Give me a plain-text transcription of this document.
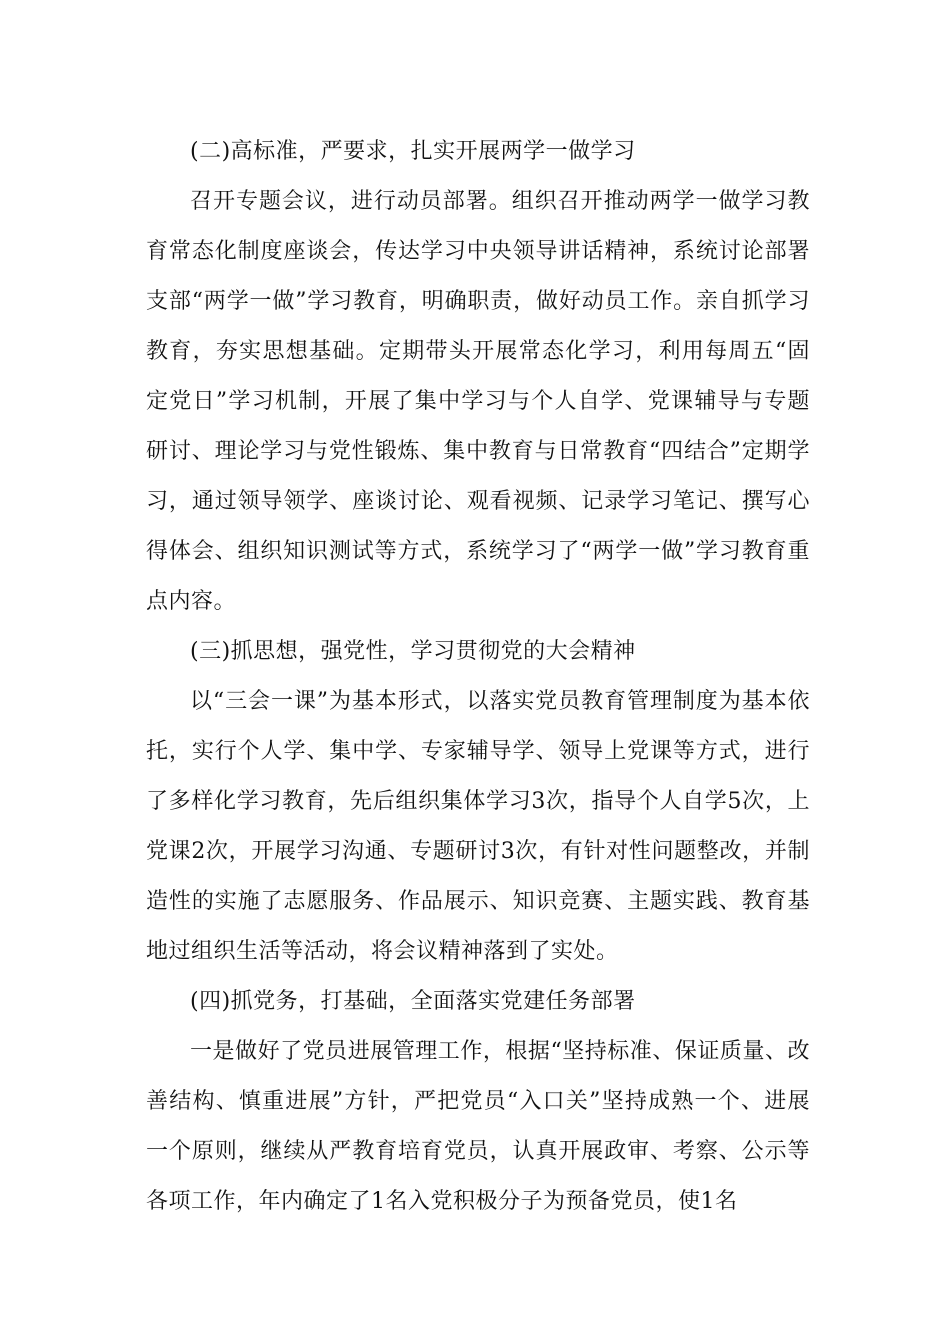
(二)高标准，严要求，扎实开展两学一做学习

召开专题会议，进行动员部署。组织召开推动两学一做学习教育常态化制度座谈会，传达学习中央领导讲话精神，系统讨论部署支部“两学一做”学习教育，明确职责，做好动员工作。亲自抓学习教育，夯实思想基础。定期带头开展常态化学习，利用每周五“固定党日”学习机制，开展了集中学习与个人自学、党课辅导与专题研讨、理论学习与党性锻炼、集中教育与日常教育“四结合”定期学习，通过领导领学、座谈讨论、观看视频、记录学习笔记、撰写心得体会、组织知识测试等方式，系统学习了“两学一做”学习教育重点内容。

(三)抓思想，强党性，学习贯彻党的大会精神

以“三会一课”为基本形式，以落实党员教育管理制度为基本依托，实行个人学、集中学、专家辅导学、领导上党课等方式，进行了多样化学习教育，先后组织集体学习3次，指导个人自学5次，上党课2次，开展学习沟通、专题研讨3次，有针对性问题整改，并制造性的实施了志愿服务、作品展示、知识竞赛、主题实践、教育基地过组织生活等活动，将会议精神落到了实处。

(四)抓党务，打基础，全面落实党建任务部署

一是做好了党员进展管理工作，根据“坚持标准、保证质量、改善结构、慎重进展”方针，严把党员“入口关”坚持成熟一个、进展一个原则，继续从严教育培育党员，认真开展政审、考察、公示等各项工作，年内确定了1名入党积极分子为预备党员，使1名
